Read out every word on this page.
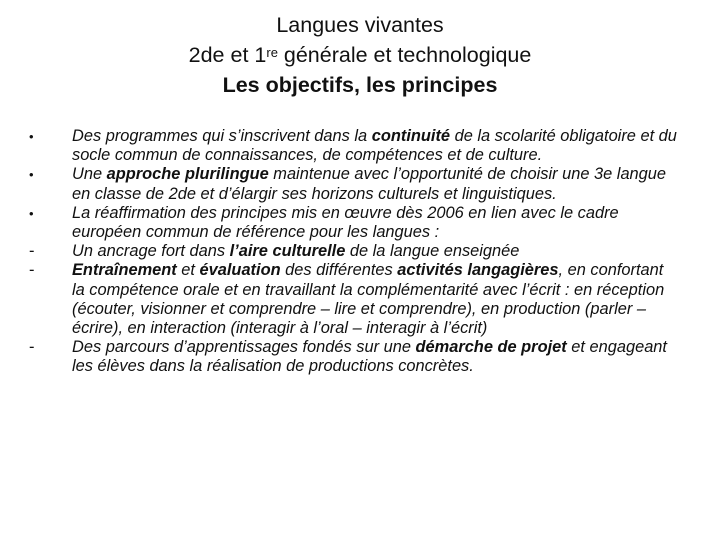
Langues vivantes
2de et 1re générale et technologique
Les objectifs, les principes
•	Des programmes qui s’inscrivent dans la continuité de la scolarité obligatoire et du socle commun de connaissances, de compétences et de culture.
•	Une approche plurilingue maintenue avec l’opportunité de choisir une 3e langue en classe de 2de et d’élargir ses horizons culturels et linguistiques.
•	La réaffirmation des principes mis en œuvre dès 2006 en lien avec le cadre européen commun de référence pour les langues :
-	Un ancrage fort dans l’aire culturelle de la langue enseignée
-	Entraînement et évaluation des différentes activités langagières, en confortant la compétence orale et en travaillant la complémentarité avec l’écrit : en réception (écouter, visionner et comprendre – lire et comprendre), en production (parler – écrire), en interaction (interagir à l’oral – interagir à l’écrit)
-	Des parcours d’apprentissages fondés sur une démarche de projet et engageant les élèves dans la réalisation de productions concrètes.
